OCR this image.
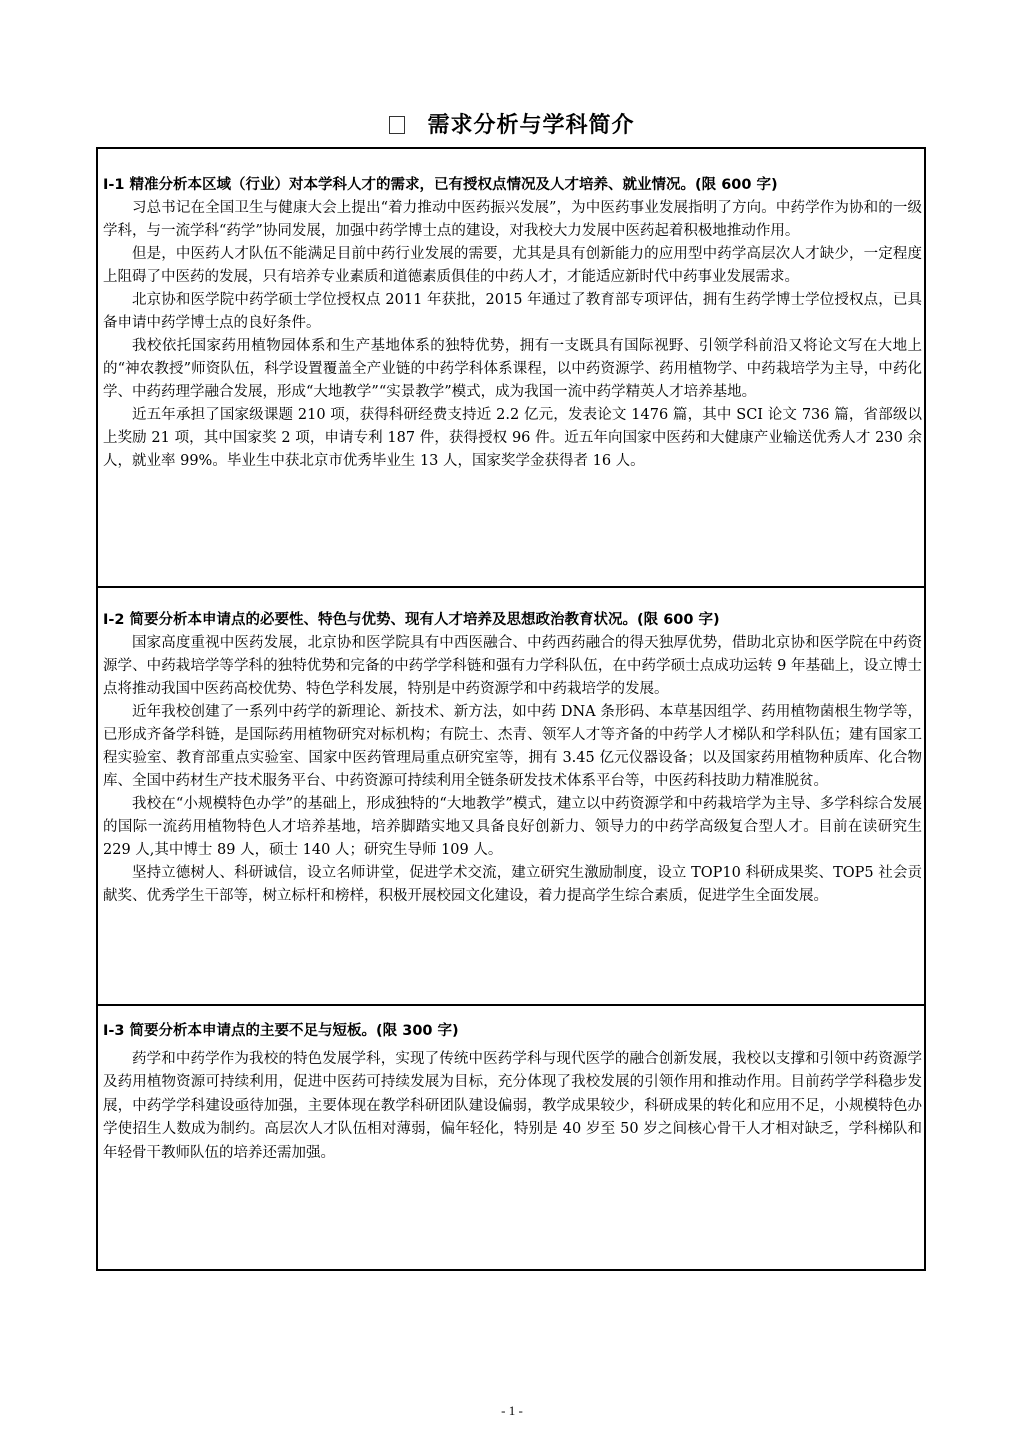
需求分析与学科简介
I-1 精准分析本区域（行业）对本学科人才的需求，已有授权点情况及人才培养、就业情况。(限 600 字)

习总书记在全国卫生与健康大会上提出“着力推动中医药振兴发展”，为中医药事业发展指明了方向。中药学作为协和的一级学科，与一流学科“药学”协同发展，加强中药学博士点的建设，对我校大力发展中医药起着积极地推动作用。

但是，中医药人才队伍不能满足目前中药行业发展的需要，尤其是具有创新能力的应用型中药学高层次人才缺少，一定程度上阻碍了中医药的发展，只有培养专业素质和道德素质俱佳的中药人才，才能适应新时代中药事业发展需求。

北京协和医学院中药学硕士学位授权点 2011 年获批，2015 年通过了教育部专项评估，拥有生药学博士学位授权点，已具备申请中药学博士点的良好条件。

我校依托国家药用植物园体系和生产基地体系的独特优势，拥有一支既具有国际视野、引领学科前沿又将论文写在大地上的“神农教授”师资队伍，科学设置覆盖全产业链的中药学科体系课程，以中药资源学、药用植物学、中药栽培学为主导，中药化学、中药药理学融合发展，形成“大地教学”“实景教学”模式，成为我国一流中药学精英人才培养基地。

近五年承担了国家级课题 210 项，获得科研经费支持近 2.2 亿元，发表论文 1476 篇，其中 SCI 论文 736 篇，省部级以上奖励 21 项，其中国家奖 2 项，申请专利 187 件，获得授权 96 件。近五年向国家中医药和大健康产业输送优秀人才 230 余人，就业率 99%。毕业生中获北京市优秀毕业生 13 人，国家奖学金获得者 16 人。

I-2 简要分析本申请点的必要性、特色与优势、现有人才培养及思想政治教育状况。(限 600 字)

国家高度重视中医药发展，北京协和医学院具有中西医融合、中药西药融合的得天独厚优势，借助北京协和医学院在中药资源学、中药栽培学等学科的独特优势和完备的中药学学科链和强有力学科队伍，在中药学硕士点成功运转 9 年基础上，设立博士点将推动我国中医药高校优势、特色学科发展，特别是中药资源学和中药栽培学的发展。

近年我校创建了一系列中药学的新理论、新技术、新方法，如中药 DNA 条形码、本草基因组学、药用植物菌根生物学等，已形成齐备学科链，是国际药用植物研究对标机构；有院士、杰青、领军人才等齐备的中药学人才梯队和学科队伍；建有国家工程实验室、教育部重点实验室、国家中医药管理局重点研究室等，拥有 3.45 亿元仪器设备；以及国家药用植物种质库、化合物库、全国中药材生产技术服务平台、中药资源可持续利用全链条研发技术体系平台等，中医药科技助力精准脱贫。

我校在“小规模特色办学”的基础上，形成独特的“大地教学”模式，建立以中药资源学和中药栽培学为主导、多学科综合发展的国际一流药用植物特色人才培养基地，培养脚踏实地又具备良好创新力、领导力的中药学高级复合型人才。目前在读研究生 229 人,其中博士 89 人，硕士 140 人；研究生导师 109 人。

坚持立德树人、科研诚信，设立名师讲堂，促进学术交流，建立研究生激励制度，设立 TOP10 科研成果奖、TOP5 社会贡献奖、优秀学生干部等，树立标杆和榜样，积极开展校园文化建设，着力提高学生综合素质，促进学生全面发展。

I-3 简要分析本申请点的主要不足与短板。(限 300 字)

药学和中药学作为我校的特色发展学科，实现了传统中医药学科与现代医学的融合创新发展，我校以支撑和引领中药资源学及药用植物资源可持续利用，促进中医药可持续发展为目标，充分体现了我校发展的引领作用和推动作用。目前药学学科稳步发展，中药学学科建设亟待加强，主要体现在教学科研团队建设偏弱，教学成果较少，科研成果的转化和应用不足，小规模特色办学使招生人数成为制约。高层次人才队伍相对薄弱，偏年轻化，特别是 40 岁至 50 岁之间核心骨干人才相对缺乏，学科梯队和年轻骨干教师队伍的培养还需加强。

- 1 -
